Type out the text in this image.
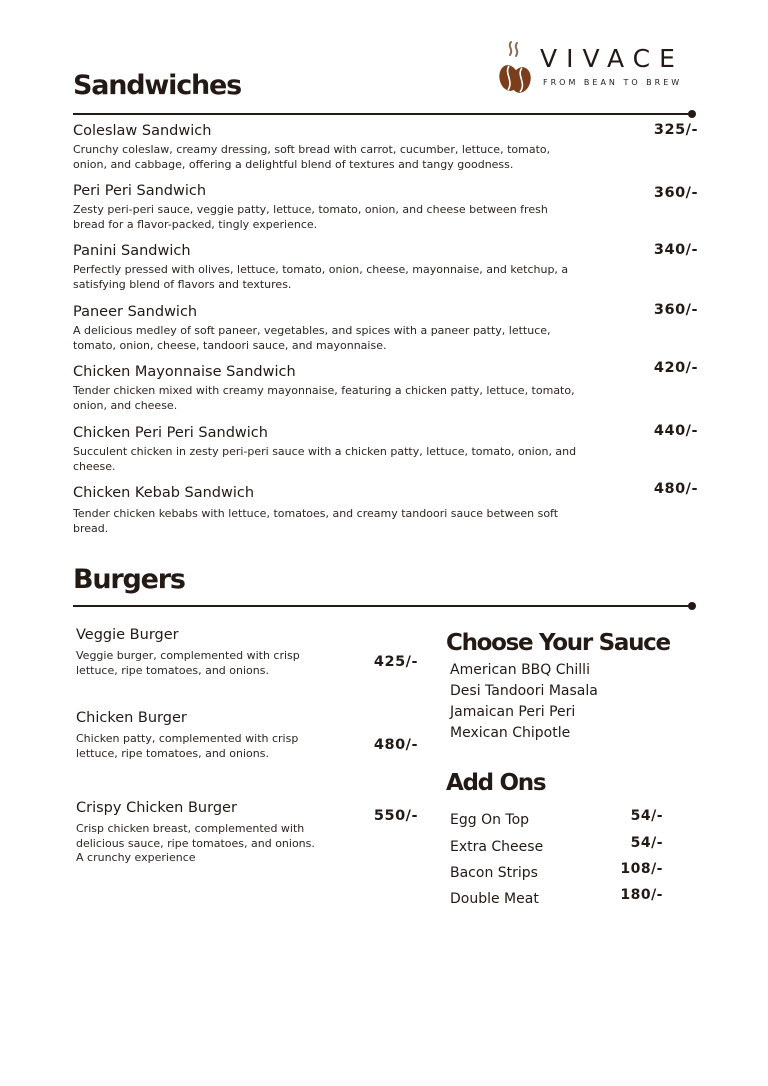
VIVACE
FROM BEAN TO BREW
Sandwiches
Coleslaw Sandwich
Crunchy coleslaw, creamy dressing, soft bread with carrot, cucumber, lettuce, tomato, onion, and cabbage, offering a delightful blend of textures and tangy goodness.
325/-
Peri Peri Sandwich
Zesty peri-peri sauce, veggie patty, lettuce, tomato, onion, and cheese between fresh bread for a flavor-packed, tingly experience.
360/-
Panini Sandwich
Perfectly pressed with olives, lettuce, tomato, onion, cheese, mayonnaise, and ketchup, a satisfying blend of flavors and textures.
340/-
Paneer Sandwich
A delicious medley of soft paneer, vegetables, and spices with a paneer patty, lettuce, tomato, onion, cheese, tandoori sauce, and mayonnaise.
360/-
Chicken Mayonnaise Sandwich
Tender chicken mixed with creamy mayonnaise, featuring a chicken patty, lettuce, tomato, onion, and cheese.
420/-
Chicken Peri Peri Sandwich
Succulent chicken in zesty peri-peri sauce with a chicken patty, lettuce, tomato, onion, and cheese.
440/-
Chicken Kebab Sandwich
Tender chicken kebabs with lettuce, tomatoes, and creamy tandoori sauce between soft bread.
480/-
Burgers
Veggie Burger
Veggie burger, complemented with crisp lettuce, ripe tomatoes, and onions.	425/-
Chicken Burger
Chicken patty, complemented with crisp lettuce, ripe tomatoes, and onions.	480/-
Crispy Chicken Burger
Crisp chicken breast, complemented with delicious sauce, ripe tomatoes, and onions. A crunchy experience
550/-
Choose Your Sauce
American BBQ Chilli
Desi Tandoori Masala
Jamaican Peri Peri
Mexican Chipotle
Add Ons
Egg On Top	54/-
Extra Cheese	54/-
Bacon Strips	108/-
Double Meat	180/-
